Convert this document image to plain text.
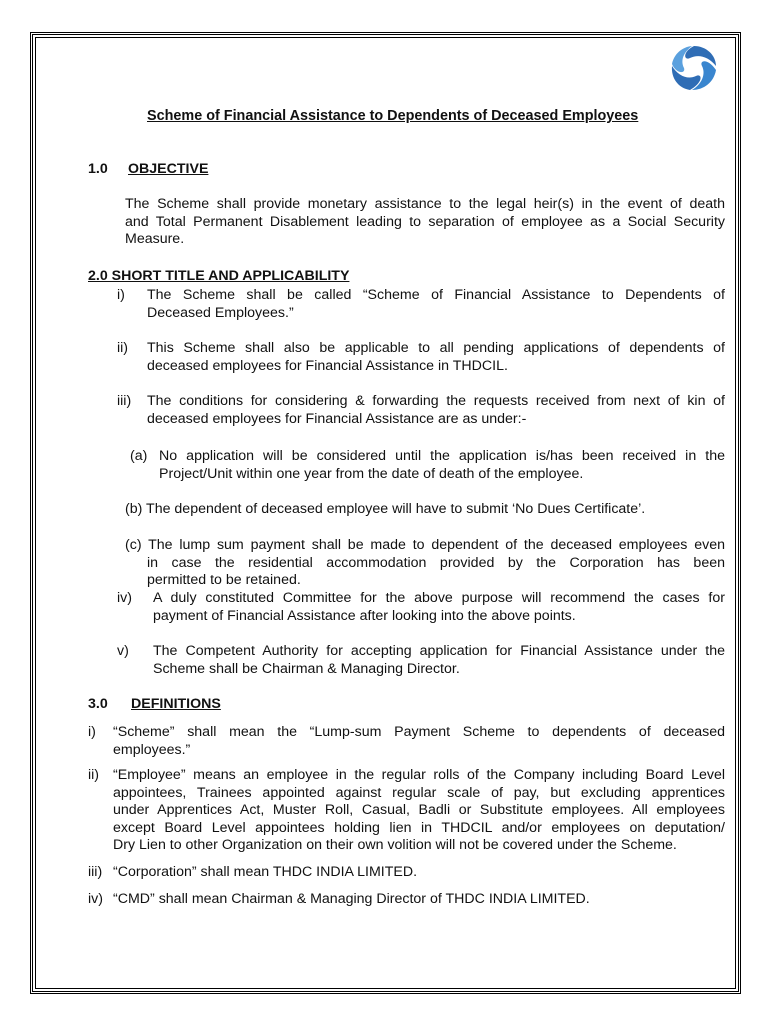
Scheme of Financial Assistance to Dependents of Deceased Employees
1.0 OBJECTIVE
The Scheme shall provide monetary assistance to the legal heir(s) in the event of death
and Total Permanent Disablement leading to separation of employee as a Social Security
Measure.
2.0 SHORT TITLE AND APPLICABILITY
i) The Scheme shall be called “Scheme of Financial Assistance to Dependents of
Deceased Employees.”
ii) This Scheme shall also be applicable to all pending applications of dependents of
deceased employees for Financial Assistance in THDCIL.
iii) The conditions for considering & forwarding the requests received from next of kin of
deceased employees for Financial Assistance are as under:-
(a) No application will be considered until the application is/has been received in the
Project/Unit within one year from the date of death of the employee.
(b) The dependent of deceased employee will have to submit ‘No Dues Certificate’.
(c) The lump sum payment shall be made to dependent of the deceased employees even
in case the residential accommodation provided by the Corporation has been
permitted to be retained.
iv) A duly constituted Committee for the above purpose will recommend the cases for
payment of Financial Assistance after looking into the above points.
v) The Competent Authority for accepting application for Financial Assistance under the
Scheme shall be Chairman & Managing Director.
3.0 DEFINITIONS
i) “Scheme” shall mean the “Lump-sum Payment Scheme to dependents of deceased
employees.”
ii) “Employee” means an employee in the regular rolls of the Company including Board Level
appointees, Trainees appointed against regular scale of pay, but excluding apprentices
under Apprentices Act, Muster Roll, Casual, Badli or Substitute employees. All employees
except Board Level appointees holding lien in THDCIL and/or employees on deputation/
Dry Lien to other Organization on their own volition will not be covered under the Scheme.
iii) “Corporation” shall mean THDC INDIA LIMITED.
iv) “CMD” shall mean Chairman & Managing Director of THDC INDIA LIMITED.
